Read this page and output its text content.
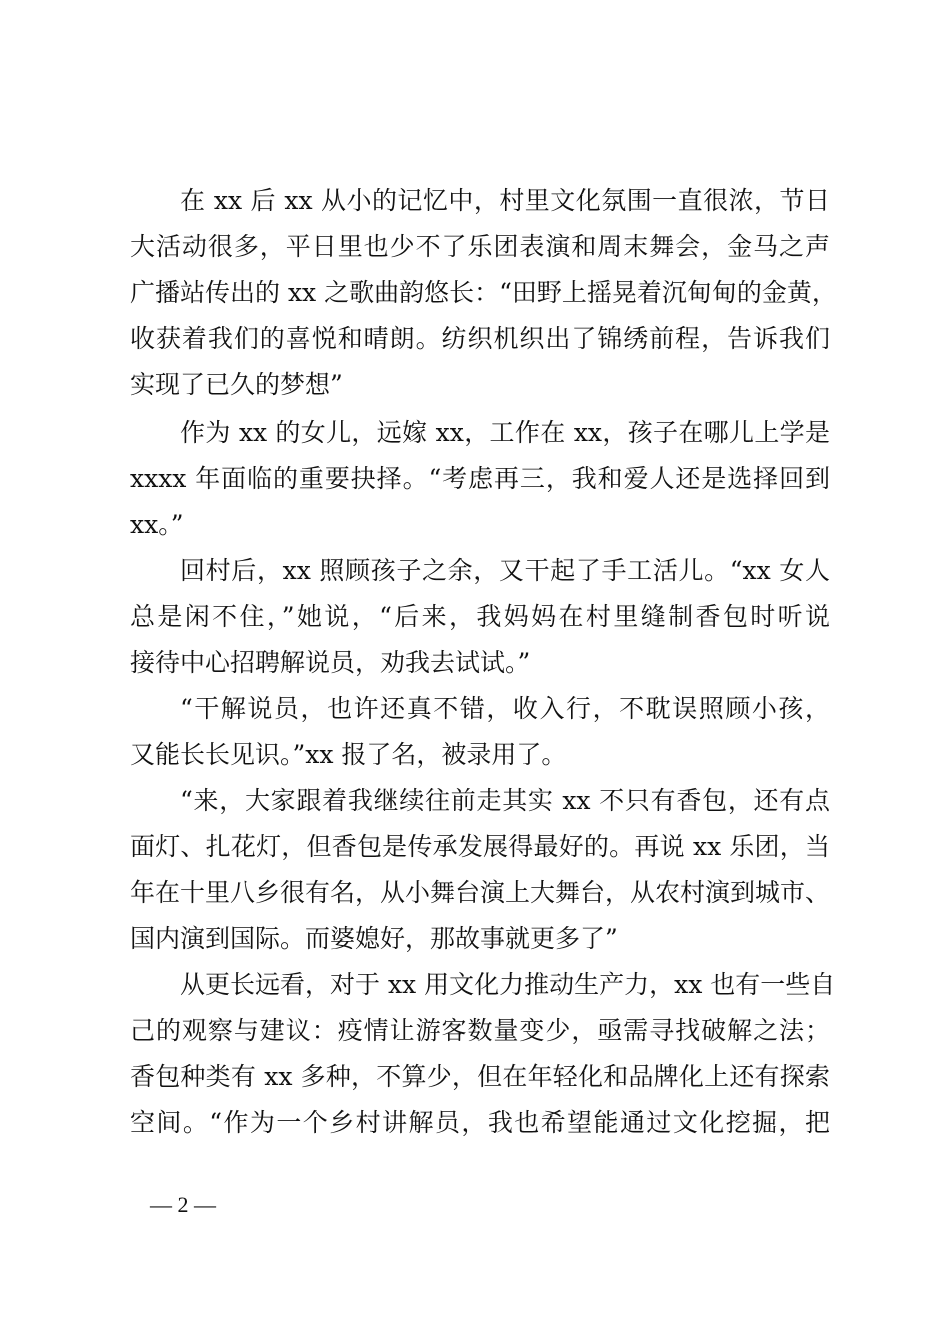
在 xx 后 xx 从小的记忆中，村里文化氛围一直很浓，节日
大活动很多，平日里也少不了乐团表演和周末舞会，金马之声
广播站传出的 xx 之歌曲韵悠长：“田野上摇晃着沉甸甸的金黄，
收获着我们的喜悦和晴朗。纺织机织出了锦绣前程，告诉我们
实现了已久的梦想”
作为 xx 的女儿，远嫁 xx，工作在 xx，孩子在哪儿上学是
xxxx 年面临的重要抉择。“考虑再三，我和爱人还是选择回到
xx。”
回村后，xx 照顾孩子之余，又干起了手工活儿。“xx 女人
总是闲不住，”她说，“后来，我妈妈在村里缝制香包时听说
接待中心招聘解说员，劝我去试试。”
“干解说员，也许还真不错，收入行，不耽误照顾小孩，
又能长长见识。”xx 报了名，被录用了。
“来，大家跟着我继续往前走其实 xx 不只有香包，还有点
面灯、扎花灯，但香包是传承发展得最好的。再说 xx 乐团，当
年在十里八乡很有名，从小舞台演上大舞台，从农村演到城市、
国内演到国际。而婆媳好，那故事就更多了”
从更长远看，对于 xx 用文化力推动生产力，xx 也有一些自
己的观察与建议：疫情让游客数量变少，亟需寻找破解之法；
香包种类有 xx 多种，不算少，但在年轻化和品牌化上还有探索
空间。“作为一个乡村讲解员，我也希望能通过文化挖掘，把
— 2 —
